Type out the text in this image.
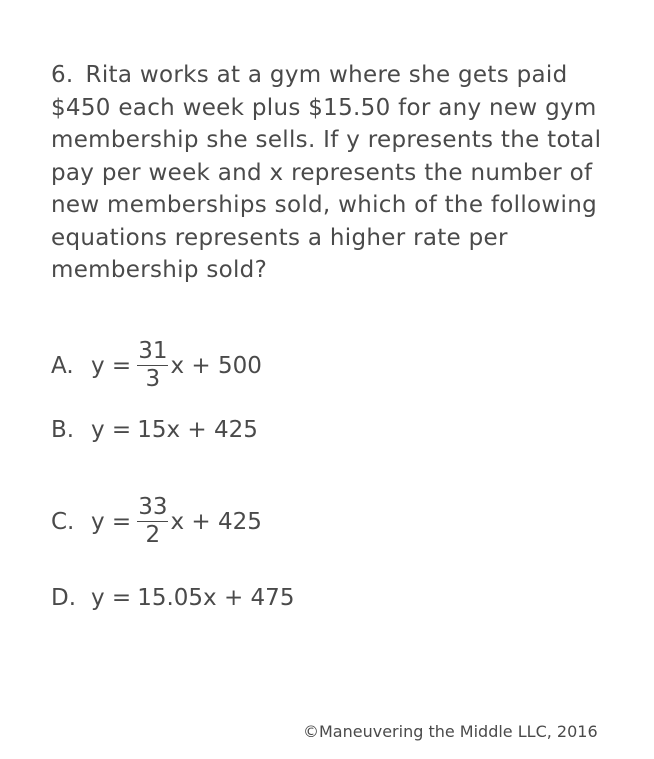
6. Rita works at a gym where she gets paid $450 each week plus $15.50 for any new gym membership she sells. If y represents the total pay per week and x represents the number of new memberships sold, which of the following equations represents a higher rate per membership sold?
A. $y = \frac{31}{3}$ x + 500
B. y = 15x + 425
C. $y = \frac{33}{2}$ x + 425
D. y = 15.05x + 475
©Maneuvering the Middle LLC, 2016
